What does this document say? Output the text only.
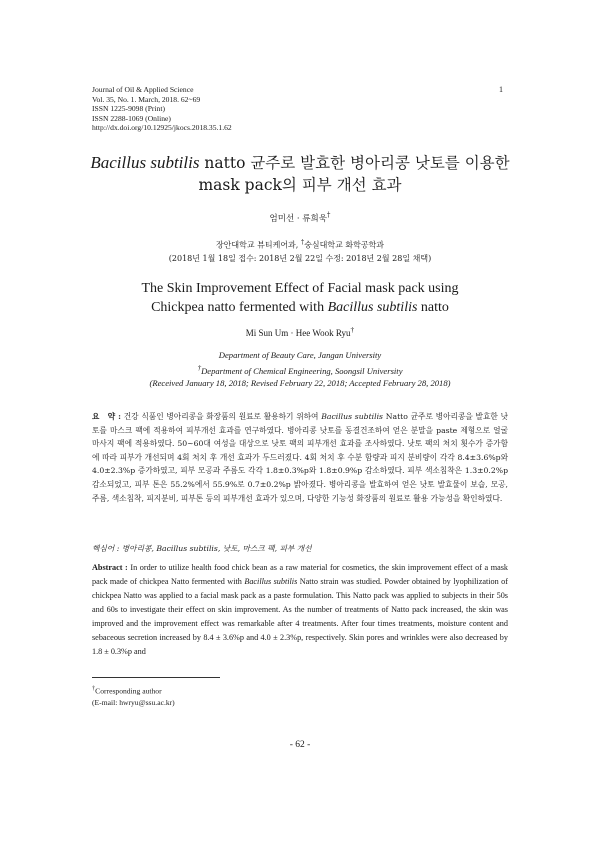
Journal of Oil & Applied Science
Vol. 35, No. 1. March, 2018. 62~69
ISSN 1225-9098 (Print)
ISSN 2288-1069 (Online)
http://dx.doi.org/10.12925/jkocs.2018.35.1.62
1
Bacillus subtilis natto 균주로 발효한 병아리콩 낫토를 이용한
mask pack의 피부 개선 효과
엄미선 · 류희욱†
장안대학교 뷰티케어과, †숭실대학교 화학공학과
(2018년 1월 18일 접수: 2018년 2월 22일 수정: 2018년 2월 28일 채택)
The Skin Improvement Effect of Facial mask pack using
Chickpea natto fermented with Bacillus subtilis natto
Mi Sun Um · Hee Wook Ryu†
Department of Beauty Care, Jangan University
†Department of Chemical Engineering, Soongsil University
(Received January 18, 2018; Revised February 22, 2018; Accepted February 28, 2018)
요　약 : 건강 식품인 병아리콩을 화장품의 원료로 활용하기 위하여 Bacillus subtilis Natto 균주로 병아리콩을 발효한 낫토를 마스크 팩에 적용하여 피부개선 효과를 연구하였다. 병아리콩 낫토를 동결건조하여 얻은 분말을 paste 제형으로 얼굴 마사지 팩에 적용하였다. 50~60대 여성을 대상으로 낫토 팩의 피부개선 효과를 조사하였다. 낫토 팩의 처치 횟수가 증가함에 따라 피부가 개선되며 4회 처치 후 개선 효과가 두드러졌다. 4회 처치 후 수분 함량과 피지 분비량이 각각 8.4±3.6%p와 4.0±2.3%p 증가하였고, 피부 모공과 주름도 각각 1.8±0.3%p와 1.8±0.9%p 감소하였다. 피부 색소침착은 1.3±0.2%p 감소되었고, 피부 톤은 55.2%에서 55.9%로 0.7±0.2%p 밝아졌다. 병아리콩을 발효하여 얻은 낫토 발효물이 보습, 모공, 주름, 색소침착, 피지분비, 피부톤 등의 피부개선 효과가 있으며, 다양한 기능성 화장품의 원료로 활용 가능성을 확인하였다.
핵심어 : 병아리콩, Bacillus subtilis, 낫토, 마스크 팩, 피부 개선
Abstract : In order to utilize health food chick bean as a raw material for cosmetics, the skin improvement effect of a mask pack made of chickpea Natto fermented with Bacillus subtilis Natto strain was studied. Powder obtained by lyophilization of chickpea Natto was applied to a facial mask pack as a paste formulation. This Natto pack was applied to subjects in their 50s and 60s to investigate their effect on skin improvement. As the number of treatments of Natto pack increased, the skin was improved and the improvement effect was remarkable after 4 treatments. After four times treatments, moisture content and sebaceous secretion increased by 8.4 ± 3.6%p and 4.0 ± 2.3%p, respectively. Skin pores and wrinkles were also decreased by 1.8 ± 0.3%p and
†Corresponding author
(E-mail: hwryu@ssu.ac.kr)
- 62 -
